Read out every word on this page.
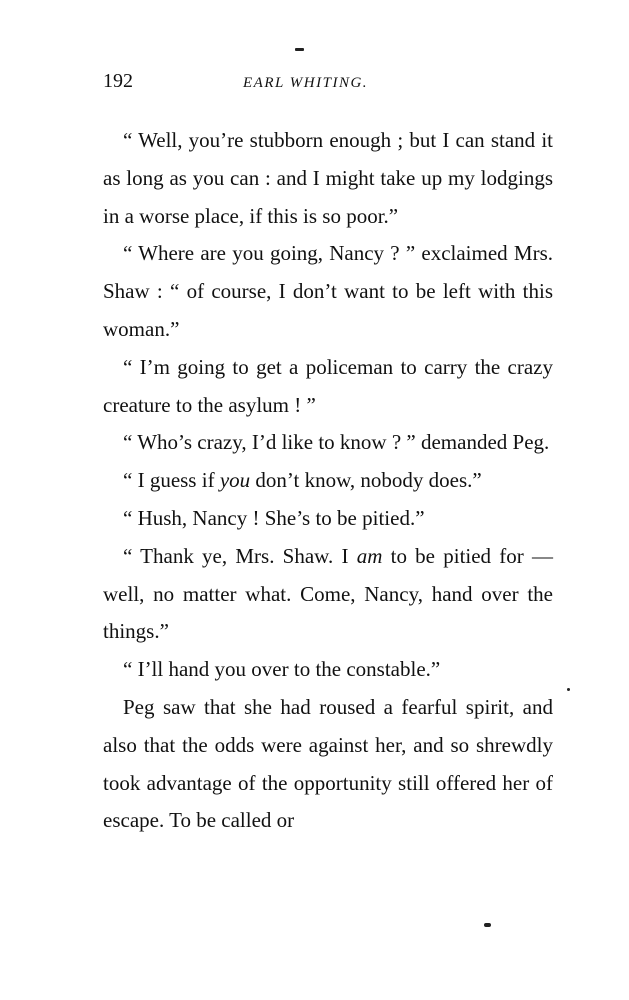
192	EARL WHITING.

“ Well, you’re stubborn enough ; but I can stand it as long as you can : and I might take up my lodgings in a worse place, if this is so poor.”

“ Where are you going, Nancy ? ” exclaimed Mrs. Shaw : “ of course, I don’t want to be left with this woman.”

“ I’m going to get a policeman to carry the crazy creature to the asylum ! ”

“ Who’s crazy, I’d like to know ? ” demanded Peg.

“ I guess if you don’t know, nobody does.”

“ Hush, Nancy ! She’s to be pitied.”

“ Thank ye, Mrs. Shaw. I am to be pitied for — well, no matter what. Come, Nancy, hand over the things.”

“ I’ll hand you over to the constable.”

Peg saw that she had roused a fearful spirit, and also that the odds were against her, and so shrewdly took advantage of the opportunity still offered her of escape. To be called or
